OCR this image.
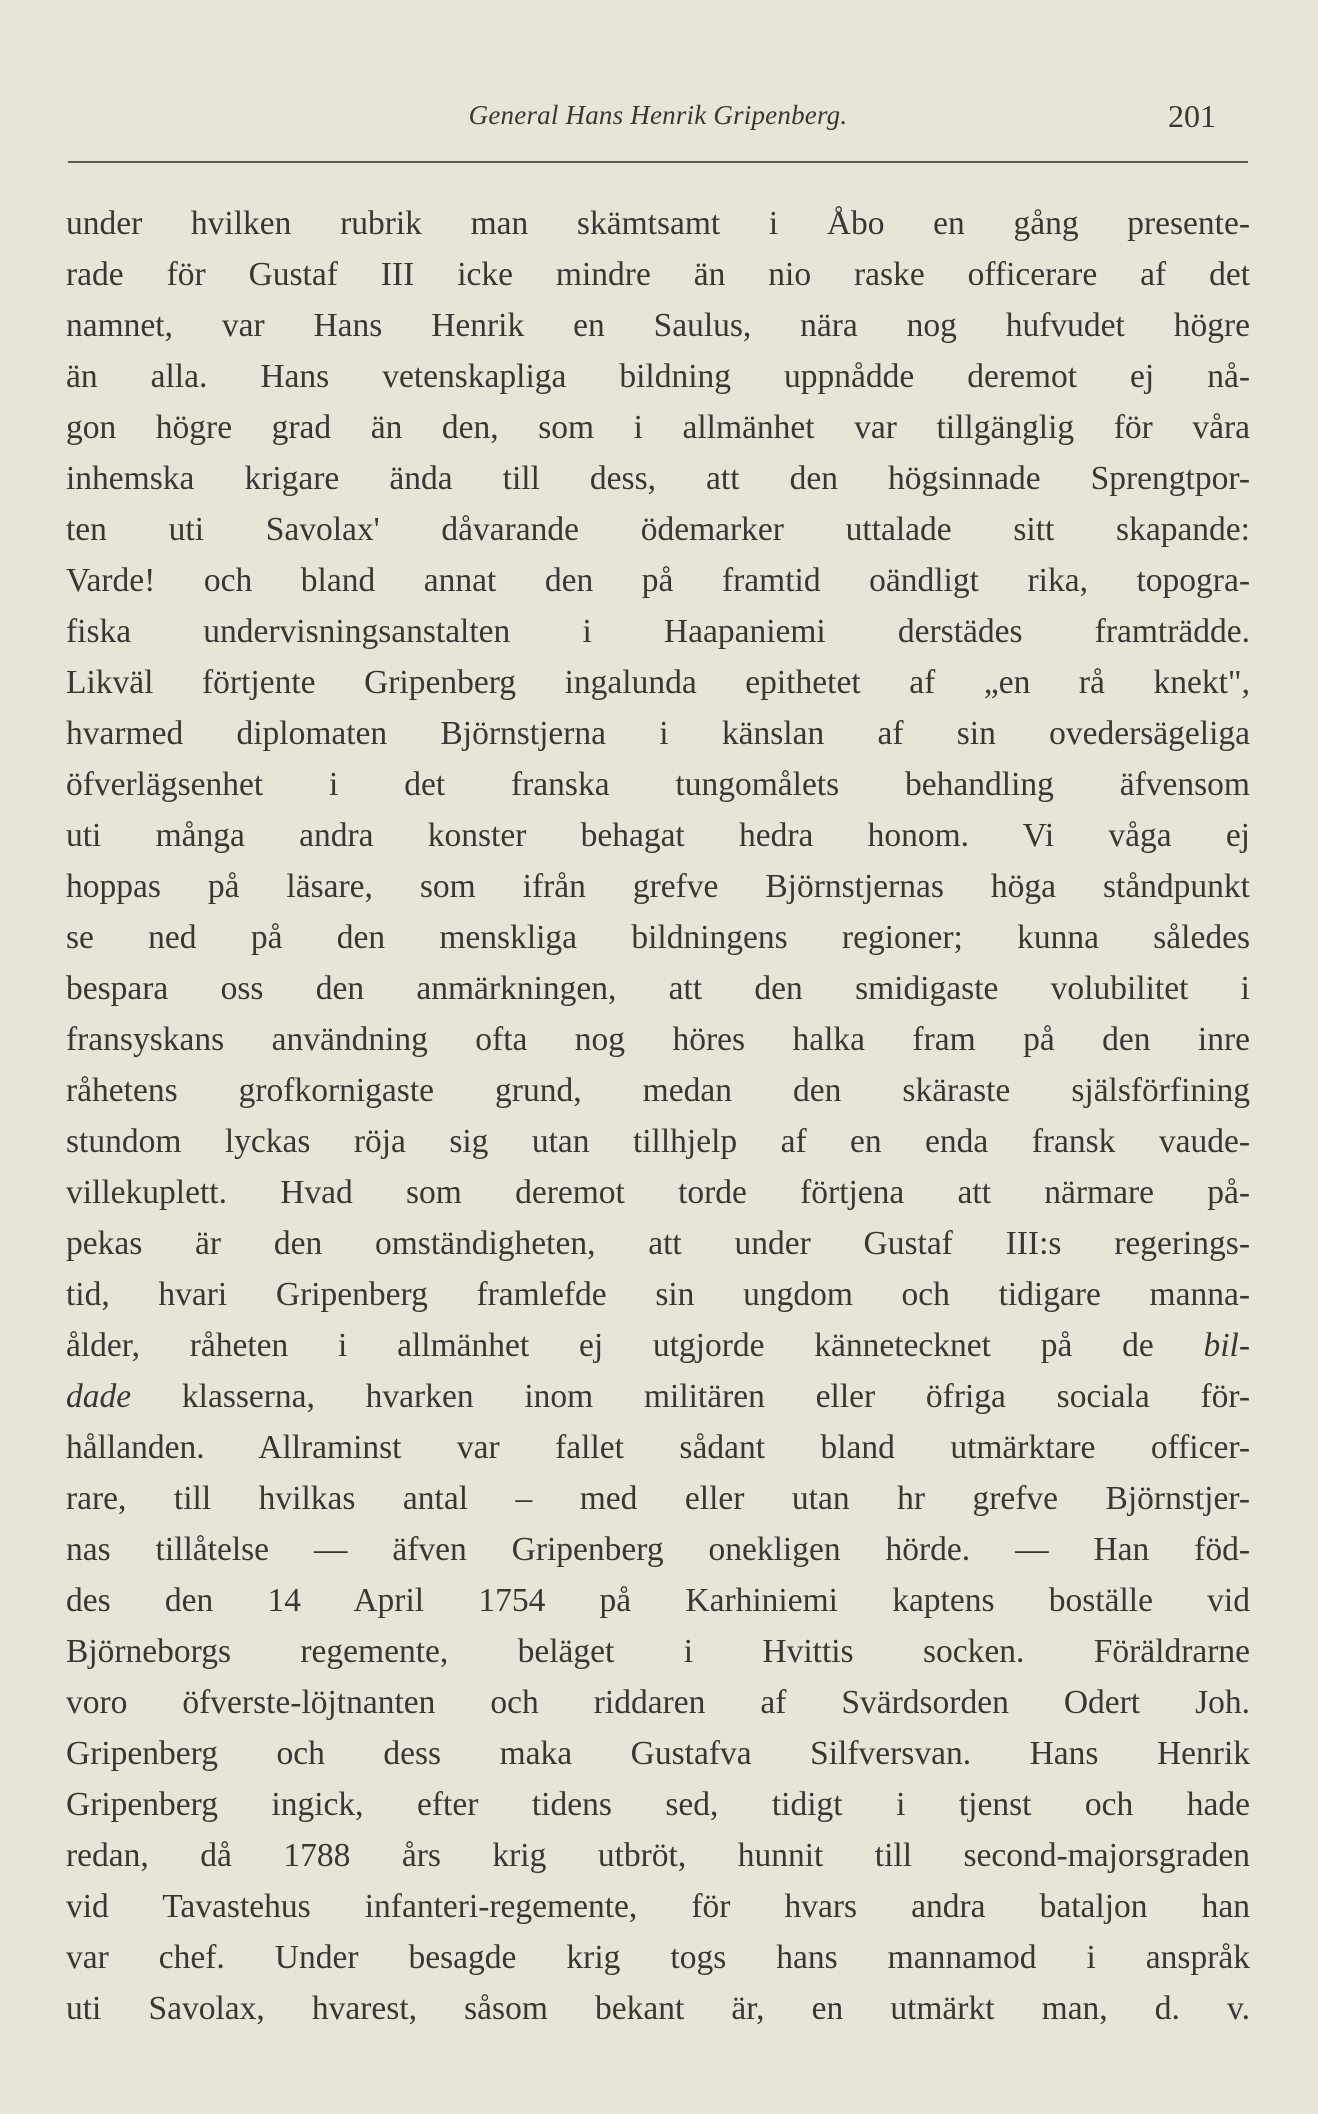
General Hans Henrik Gripenberg.	201
under hvilken rubrik man skämtsamt i Åbo en gång presente-
rade för Gustaf III icke mindre än nio raske officerare af det
namnet, var Hans Henrik en Saulus, nära nog hufvudet högre
än alla. Hans vetenskapliga bildning uppnådde deremot ej nå-
gon högre grad än den, som i allmänhet var tillgänglig för våra
inhemska krigare ända till dess, att den högsinnade Sprengtpor-
ten uti Savolax' dåvarande ödemarker uttalade sitt skapande:
Varde! och bland annat den på framtid oändligt rika, topogra-
fiska undervisningsanstalten i Haapaniemi derstädes framträdde.
Likväl förtjente Gripenberg ingalunda epithetet af „en rå knekt",
hvarmed diplomaten Björnstjerna i känslan af sin ovedersägeliga
öfverlägsenhet i det franska tungomålets behandling äfvensom
uti många andra konster behagat hedra honom. Vi våga ej
hoppas på läsare, som ifrån grefve Björnstjernas höga ståndpunkt
se ned på den menskliga bildningens regioner; kunna således
bespara oss den anmärkningen, att den smidigaste volubilitet i
fransyskans användning ofta nog höres halka fram på den inre
råhetens grofkornigaste grund, medan den skäraste själsförfining
stundom lyckas röja sig utan tillhjelp af en enda fransk vaude-
villekuplett. Hvad som deremot torde förtjena att närmare på-
pekas är den omständigheten, att under Gustaf III:s regerings-
tid, hvari Gripenberg framlefde sin ungdom och tidigare manna-
ålder, råheten i allmänhet ej utgjorde kännetecknet på de bil-
dade klasserna, hvarken inom militären eller öfriga sociala för-
hållanden. Allraminst var fallet sådant bland utmärktare officer-
rare, till hvilkas antal – med eller utan hr grefve Björnstjer-
nas tillåtelse — äfven Gripenberg onekligen hörde. — Han föd-
des den 14 April 1754 på Karhiniemi kaptens boställe vid
Björneborgs regemente, beläget i Hvittis socken. Föräldrarne
voro öfverste-löjtnanten och riddaren af Svärdsorden Odert Joh.
Gripenberg och dess maka Gustafva Silfversvan. Hans Henrik
Gripenberg ingick, efter tidens sed, tidigt i tjenst och hade
redan, då 1788 års krig utbröt, hunnit till second-majorsgraden
vid Tavastehus infanteri-regemente, för hvars andra bataljon han
var chef. Under besagde krig togs hans mannamod i anspråk
uti Savolax, hvarest, såsom bekant är, en utmärkt man, d. v.
